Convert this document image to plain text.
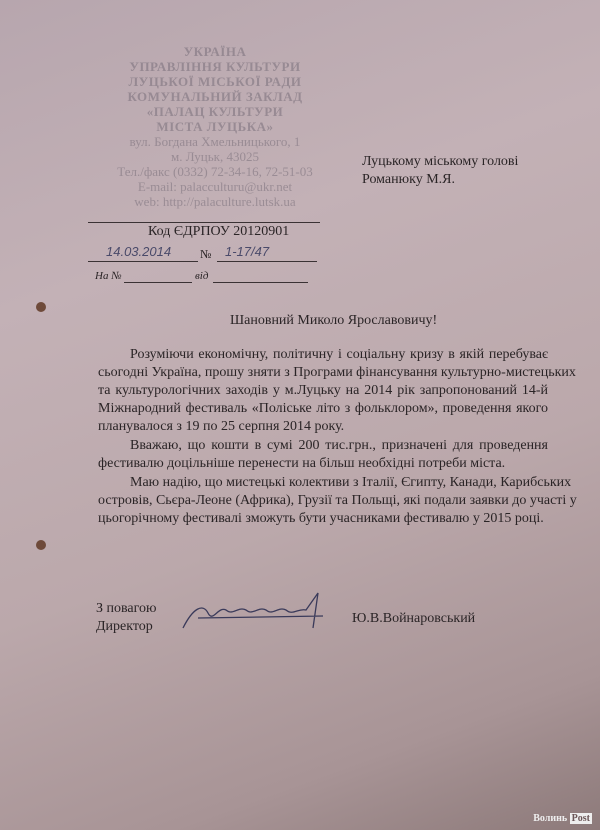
УКРАЇНА
УПРАВЛІННЯ КУЛЬТУРИ
ЛУЦЬКОЇ МІСЬКОЇ РАДИ
КОМУНАЛЬНИЙ ЗАКЛАД
«ПАЛАЦ КУЛЬТУРИ
МІСТА ЛУЦЬКА»
вул. Богдана Хмельницького, 1
м. Луцьк, 43025
Тел./факс (0332) 72-34-16, 72-51-03
E-mail: palacculturu@ukr.net
web: http://palaculture.lutsk.ua
Код ЄДРПОУ 20120901
14.03.2014 № 1-17/47
На №	від
Луцькому міському голові
Романюку М.Я.
Шановний Миколо Ярославовичу!
Розуміючи економічну, політичну і соціальну кризу в якій перебуває
сьогодні Україна, прошу зняти з Програми фінансування культурно-мистецьких
та культурологічних заходів у м.Луцьку на 2014 рік запропонований 14-й
Міжнародний фестиваль «Поліське літо з фольклором», проведення якого
планувалося з 19 по 25 серпня 2014 року.
Вважаю, що кошти в сумі 200 тис.грн., призначені для проведення
фестивалю доцільніше перенести на більш необхідні потреби міста.
Маю надію, що мистецькі колективи з Італії, Єгипту, Канади, Карибських
островів, Сьєра-Леоне (Африка), Грузії та Польщі, які подали заявки до участі у
цьогорічному фестивалі зможуть бути учасниками фестивалю у 2015 році.
З повагою
Директор
Ю.В.Войнаровський
Волинь Post
